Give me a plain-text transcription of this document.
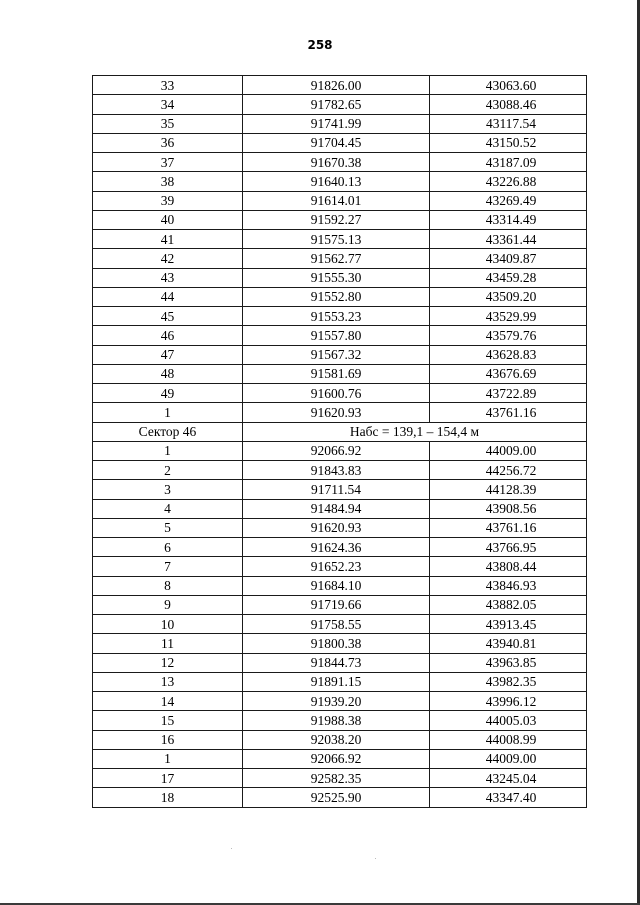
258
33	91826.00	43063.60
34	91782.65	43088.46
35	91741.99	43117.54
36	91704.45	43150.52
37	91670.38	43187.09
38	91640.13	43226.88
39	91614.01	43269.49
40	91592.27	43314.49
41	91575.13	43361.44
42	91562.77	43409.87
43	91555.30	43459.28
44	91552.80	43509.20
45	91553.23	43529.99
46	91557.80	43579.76
47	91567.32	43628.83
48	91581.69	43676.69
49	91600.76	43722.89
1	91620.93	43761.16
Сектор 46	Набс = 139,1 – 154,4 м	
1	92066.92	44009.00
2	91843.83	44256.72
3	91711.54	44128.39
4	91484.94	43908.56
5	91620.93	43761.16
6	91624.36	43766.95
7	91652.23	43808.44
8	91684.10	43846.93
9	91719.66	43882.05
10	91758.55	43913.45
11	91800.38	43940.81
12	91844.73	43963.85
13	91891.15	43982.35
14	91939.20	43996.12
15	91988.38	44005.03
16	92038.20	44008.99
1	92066.92	44009.00
17	92582.35	43245.04
18	92525.90	43347.40
